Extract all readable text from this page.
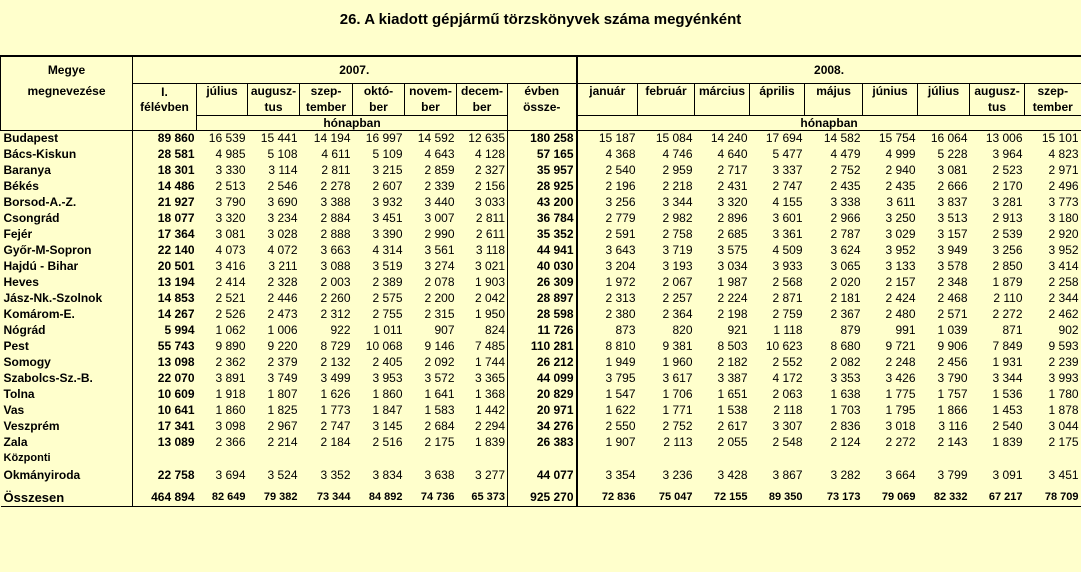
26. A kiadott gépjármű törzskönyvek száma megyénként
Megye	2007.								2008.								
megnevezése	I.	július	augusz-	szep-	októ-	novem-	decem-	évben	január	február	március	április	május	június	július	augusz-	szep-
	félévben		tus	tember	ber	ber	ber	össze-								tus	tember
		hónapban							hónapban								
Budapest	89 860	16 539	15 441	14 194	16 997	14 592	12 635	180 258	15 187	15 084	14 240	17 694	14 582	15 754	16 064	13 006	15 101
Bács-Kiskun	28 581	4 985	5 108	4 611	5 109	4 643	4 128	57 165	4 368	4 746	4 640	5 477	4 479	4 999	5 228	3 964	4 823
Baranya	18 301	3 330	3 114	2 811	3 215	2 859	2 327	35 957	2 540	2 959	2 717	3 337	2 752	2 940	3 081	2 523	2 971
Békés	14 486	2 513	2 546	2 278	2 607	2 339	2 156	28 925	2 196	2 218	2 431	2 747	2 435	2 435	2 666	2 170	2 496
Borsod-A.-Z.	21 927	3 790	3 690	3 388	3 932	3 440	3 033	43 200	3 256	3 344	3 320	4 155	3 338	3 611	3 837	3 281	3 773
Csongrád	18 077	3 320	3 234	2 884	3 451	3 007	2 811	36 784	2 779	2 982	2 896	3 601	2 966	3 250	3 513	2 913	3 180
Fejér	17 364	3 081	3 028	2 888	3 390	2 990	2 611	35 352	2 591	2 758	2 685	3 361	2 787	3 029	3 157	2 539	2 920
Győr-M-Sopron	22 140	4 073	4 072	3 663	4 314	3 561	3 118	44 941	3 643	3 719	3 575	4 509	3 624	3 952	3 949	3 256	3 952
Hajdú - Bihar	20 501	3 416	3 211	3 088	3 519	3 274	3 021	40 030	3 204	3 193	3 034	3 933	3 065	3 133	3 578	2 850	3 414
Heves	13 194	2 414	2 328	2 003	2 389	2 078	1 903	26 309	1 972	2 067	1 987	2 568	2 020	2 157	2 348	1 879	2 258
Jász-Nk.-Szolnok	14 853	2 521	2 446	2 260	2 575	2 200	2 042	28 897	2 313	2 257	2 224	2 871	2 181	2 424	2 468	2 110	2 344
Komárom-E.	14 267	2 526	2 473	2 312	2 755	2 315	1 950	28 598	2 380	2 364	2 198	2 759	2 367	2 480	2 571	2 272	2 462
Nógrád	5 994	1 062	1 006	922	1 011	907	824	11 726	873	820	921	1 118	879	991	1 039	871	902
Pest	55 743	9 890	9 220	8 729	10 068	9 146	7 485	110 281	8 810	9 381	8 503	10 623	8 680	9 721	9 906	7 849	9 593
Somogy	13 098	2 362	2 379	2 132	2 405	2 092	1 744	26 212	1 949	1 960	2 182	2 552	2 082	2 248	2 456	1 931	2 239
Szabolcs-Sz.-B.	22 070	3 891	3 749	3 499	3 953	3 572	3 365	44 099	3 795	3 617	3 387	4 172	3 353	3 426	3 790	3 344	3 993
Tolna	10 609	1 918	1 807	1 626	1 860	1 641	1 368	20 829	1 547	1 706	1 651	2 063	1 638	1 775	1 757	1 536	1 780
Vas	10 641	1 860	1 825	1 773	1 847	1 583	1 442	20 971	1 622	1 771	1 538	2 118	1 703	1 795	1 866	1 453	1 878
Veszprém	17 341	3 098	2 967	2 747	3 145	2 684	2 294	34 276	2 550	2 752	2 617	3 307	2 836	3 018	3 116	2 540	3 044
Zala	13 089	2 366	2 214	2 184	2 516	2 175	1 839	26 383	1 907	2 113	2 055	2 548	2 124	2 272	2 143	1 839	2 175
Központi																	
Okmányiroda	22 758	3 694	3 524	3 352	3 834	3 638	3 277	44 077	3 354	3 236	3 428	3 867	3 282	3 664	3 799	3 091	3 451
Összesen	464 894	82 649	79 382	73 344	84 892	74 736	65 373	925 270	72 836	75 047	72 155	89 350	73 173	79 069	82 332	67 217	78 709
